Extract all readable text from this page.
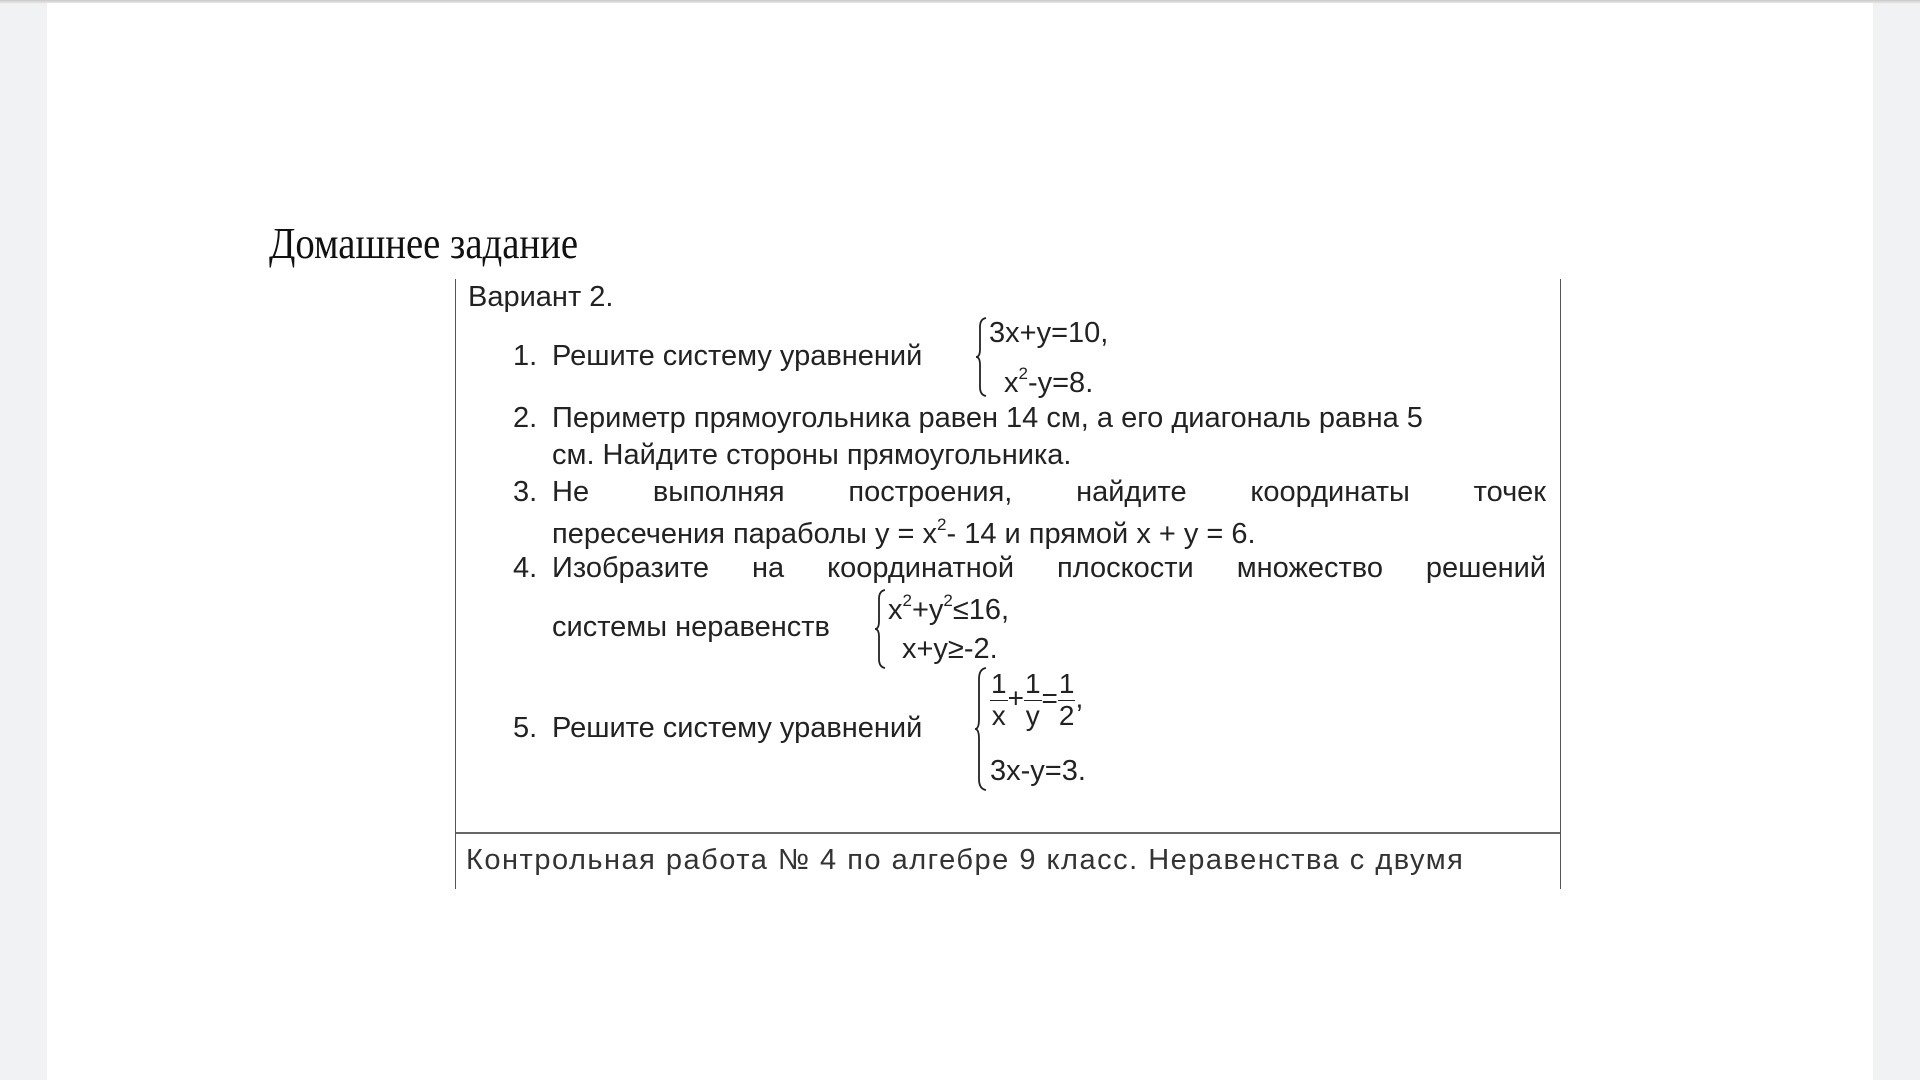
Домашнее задание
Вариант 2.
1. Решите систему уравнений
3x+y=10,
$x^2-y=8$.
2. Периметр прямоугольника равен 14 см, а его диагональ равна 5
см. Найдите стороны прямоугольника.
3. Не выполняя построения, найдите координаты точек
пересечения параболы $y = x^2-$ 14 и прямой x + y = 6.
4. Изобразите на координатной плоскости множество решений
системы неравенств
$x^2+y^2\le 16$,
x+y≥-2.
5. Решите систему уравнений $\frac{1}{x} + \frac{1}{y} = \frac{1}{2}$ ,
3x-y=3.
Контрольная работа № 4 по алгебре 9 класс. Неравенства с двумя
